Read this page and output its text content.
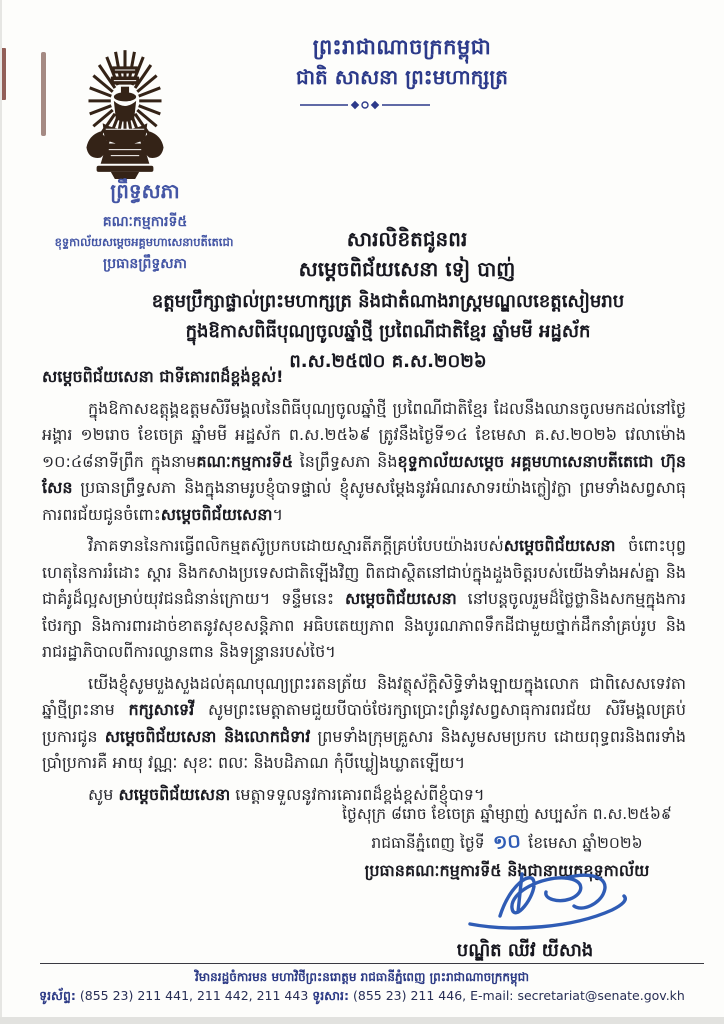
ព្រះរាជាណាចក្រកម្ពុជា
ជាតិ សាសនា ព្រះមហាក្សត្រ
ព្រឹទ្ធសភា
គណៈកម្មការទី៥
ខុទ្ទកាល័យសម្តេចអគ្គមហាសេនាបតីតេជោ
ប្រធានព្រឹទ្ធសភា
សារលិខិតជូនពរ
សម្តេចពិជ័យសេនា ទៀ បាញ់
ឧត្តមប្រឹក្សាផ្ទាល់ព្រះមហាក្សត្រ និងជាតំណាងរាស្ត្រមណ្ឌលខេត្តសៀមរាប
ក្នុងឱកាសពិធីបុណ្យចូលឆ្នាំថ្មី ប្រពៃណីជាតិខ្មែរ ឆ្នាំមមី អដ្ឋស័ក
ព.ស.២៥៧០ គ.ស.២០២៦
សម្តេចពិជ័យសេនា ជាទីគោរពដ៏ខ្ពង់ខ្ពស់!

ក្នុងឱកាសឧត្តុង្គឧត្តមសិរីមង្គលនៃពិធីបុណ្យចូលឆ្នាំថ្មី ប្រពៃណីជាតិខ្មែរ ដែលនឹងឈានចូលមកដល់នៅថ្ងៃអង្គារ ១២រោច ខែចេត្រ ឆ្នាំមមី អដ្ឋស័ក ព.ស.២៥៦៩ ត្រូវនឹងថ្ងៃទី១៤ ខែមេសា គ.ស.២០២៦ វេលាម៉ោង ១០:៤៨នាទីព្រឹក ក្នុងនាមគណៈកម្មការទី៥ នៃព្រឹទ្ធសភា និងខុទ្ទកាល័យសម្តេច អគ្គមហាសេនាបតីតេជោ ហ៊ុន សែន ប្រធានព្រឹទ្ធសភា និងក្នុងនាមរូបខ្ញុំបាទផ្ទាល់ ខ្ញុំសូមសម្តែងនូវអំណរសាទរយ៉ាងក្លៀវក្លា ព្រមទាំងសព្វសាធុការពរជ័យជូនចំពោះសម្តេចពិជ័យសេនា។

វិភាគទាននៃការធ្វើពលិកម្មតស៊ូប្រកបដោយស្មារតីភក្តីគ្រប់បែបយ៉ាងរបស់សម្តេចពិជ័យសេនា ចំពោះបុព្វហេតុនៃការរំដោះ ស្តារ និងកសាងប្រទេសជាតិឡើងវិញ ពិតជាស្ថិតនៅជាប់ក្នុងដួងចិត្តរបស់យើងទាំងអស់គ្នា និងជាគំរូដ៏ល្អសម្រាប់យុវជនជំនាន់ក្រោយ។ ទន្ទឹមនេះ សម្តេចពិជ័យសេនា នៅបន្តចូលរួមដ៏ថ្លៃថ្លានិងសកម្មក្នុងការថែរក្សា និងការពារដាច់ខាតនូវសុខសន្តិភាព អធិបតេយ្យភាព និងបូរណភាពទឹកដីជាមួយថ្នាក់ដឹកនាំគ្រប់រូប និងរាជរដ្ឋាភិបាលពីការឈ្លានពាន និងទន្ទ្រានរបស់ថៃ។

យើងខ្ញុំសូមបួងសួងដល់គុណបុណ្យព្រះរតនត្រ័យ និងវត្ថុស័ក្តិសិទ្ធិទាំងឡាយក្នុងលោក ជាពិសេសទេវតាឆ្នាំថ្មីព្រះនាម កក្សសាទេវី សូមព្រះមេត្តាតាមជួយបីបាច់ថែរក្សាប្រោះព្រំនូវសព្វសាធុការពរជ័យ សិរីមង្គលគ្រប់ប្រការជូន សម្តេចពិជ័យសេនា និងលោកជំទាវ ព្រមទាំងក្រុមគ្រួសារ និងសូមសមប្រកប ដោយពុទ្ធពរនិងពរទាំងប្រាំប្រការគឺ អាយុ វណ្ណៈ សុខៈ ពលៈ និងបដិភាណ កុំបីឃ្លៀងឃ្លាតឡើយ។

សូម សម្តេចពិជ័យសេនា មេត្តាទទួលនូវការគោរពដ៏ខ្ពង់ខ្ពស់ពីខ្ញុំបាទ។

ថ្ងៃសុក្រ ៨រោច ខែចេត្រ ឆ្នាំម្សាញ់ សប្បស័ក ព.ស.២៥៦៩
រាជធានីភ្នំពេញ ថ្ងៃទី ១០ ខែមេសា ឆ្នាំ២០២៦
ប្រធានគណៈកម្មការទី៥ និងជានាយកខុទ្ទកាល័យ
បណ្ឌិត ឈីវ យីសាង
វិមានរដ្ឋចំការមន មហាវិថីព្រះនរោត្តម រាជធានីភ្នំពេញ ព្រះរាជាណាចក្រកម្ពុជា
ទូរស័ព្ទ: (855 23) 211 441, 211 442, 211 443 ទូរសារ: (855 23) 211 446, E-mail: secretariat@senate.gov.kh
